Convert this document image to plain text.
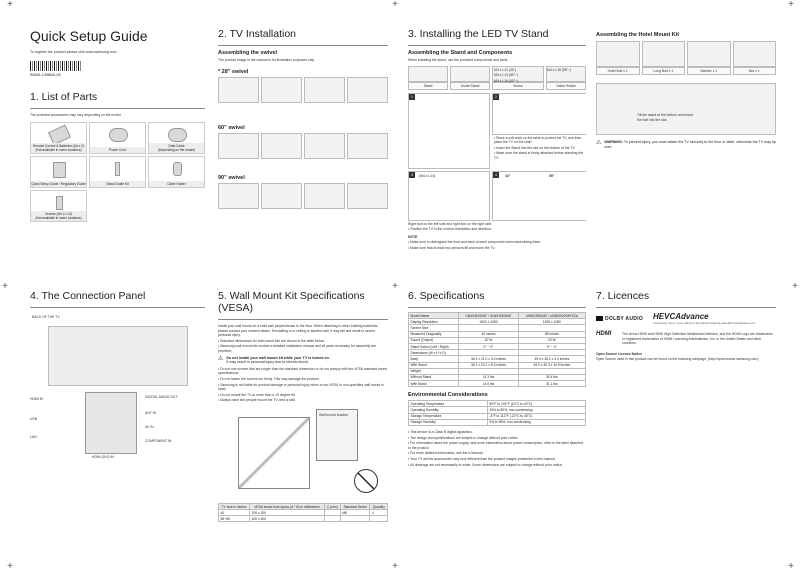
+	+	+
+	+	+
+	+	+
Quick Setup Guide
To register the product please visit www.samsung.com
BN68-14988A-00
1. List of Parts
The provided accessories may vary depending on the model.
Remote Control & Batteries (AA x 2)
(Not available in some locations)	Power Cord
Data Cable
(Depending on the model)
Quick Setup Guide / Regulatory Guide	Stand Guide Kit	Cable Holder
Screws (M4 x L14)
(Not available in some locations)
2. TV Installation
Assembling the swivel
The product image in the manual is for illustration purposes only.
* 28" swivel
60" swivel
90" swivel
3. Installing the LED TV Stand
Assembling the Stand and Components
When installing the stand, use the provided components and parts.
Stand	Guide Stand
M4 x L12 (40")
M4 x L14 (50"~)
M4 x L16 (50"~)
Screw
M4 x L18 (55"~)
Cable Holder
1	2
• Place a soft cloth on the table to protect the TV, and then place the TV on the cloth.
• Insert the Stand into the slot on the bottom of the TV.
• Make sure the stand is firmly attached before standing the TV.
3	(M4 x L14)	4	43"	55"
Right foot on the left side and right foot on the right side.
• Position the TV in the correct orientation and direction.
NOTE
• Make sure to distinguish the front and back of each component when assembling them.
• Make sure that at least two persons lift and move the TV.
Assembling the Hotel Mount Kit
Hotel Bolt x 1	Long Bolt x 1	Washer x 1	Nut x 1
Tilt the stand at the bottom and insert the bolt into the slot.
⚠ WARNING: To prevent injury, you must attach the TV securely to the floor or table, otherwise the TV may tip over.
4. The Connection Panel
BACK OF THE TV
HDMI IN
USB
LAN
DIGITAL AUDIO OUT
ANT IN
AV IN
COMPONENT IN
HDMI (DVI) IN
5. Wall Mount Kit Specifications (VESA)
Install your wall mount on a solid wall perpendicular to the floor. When attaching to other building materials, please contact your nearest dealer. If installing on a ceiling or slanted wall, it may fall and result in severe personal injury.
• Standard dimensions for wall mount kits are shown in the table below.
• Samsung wall mount kits contain a detailed installation manual and all parts necessary for assembly are provided.
⚠ Do not install your wall mount kit while your TV is turned on.
It may result in personal injury due to electric shock.
• Do not use screws that are longer than the standard dimension or do not comply with the VESA standard screw specifications.
• Do not fasten the screws too firmly. This may damage the product.
• Samsung is not liable for product damage or personal injury when a non-VESA or non-specified wall mount is used.
• Do not mount the TV at more than a 15 degree tilt.
• Always have two people mount the TV onto a wall.
Wall mount bracket
TV size in inches	VESA screw hole specs (A * B) in millimeters	C (mm)	Standard Screw	Quantity
40	200 x 200		M8	4
55~65	400 x 400			
6. Specifications
Model Name	UN40J5200AF / UN43J5200AF	UN55J5200AF / UN55J5200AFXZA
Display Resolution	1920 x 1080	1920 x 1080
Screen Size		
Measured Diagonally	40 inches	55 inches
Sound (Output)	20 W	20 W
Stand Swivel (Left / Right)	0° ~ 0°	0° ~ 0°
Dimensions (W x H x D)		
Body	36.1 x 21.0 x 3.0 inches	49.0 x 28.2 x 3.0 inches
With Stand	36.1 x 23.1 x 8.3 inches	49.0 x 30.3 x 10.9 inches
Weight		
Without Stand	14.3 lbs	30.4 lbs
With Stand	14.6 lbs	31.1 lbs
Environmental Considerations
Operating Temperature	50°F to 104°F (10°C to 40°C)
Operating Humidity	10% to 80%, non-condensing
Storage Temperature	-4°F to 113°F (-20°C to 45°C)
Storage Humidity	5% to 95%, non-condensing
• This device is a Class B digital apparatus.
• The design and specifications are subject to change without prior notice.
• For information about the power supply, and more information about power consumption, refer to the label attached to the product.
• For more detailed information, see the e-Manual.
• Your TV and its accessories may look different than the product images presented in this manual.
• All drawings are not necessarily to scale. Some dimensions are subject to change without prior notice.
7. Licences
DOLBY AUDIO HEVCAdvance
Covered by one or more claims of the patents listed at patentlist.hevcadvance.com
HDMI	The terms HDMI and HDMI High-Definition Multimedia Interface, and the HDMI Logo are trademarks or registered trademarks of HDMI Licensing Administrator, Inc. in the United States and other countries.
Open Source Licence Notice
Open Source used in this product can be found on the following webpage. (http://opensource.samsung.com)
